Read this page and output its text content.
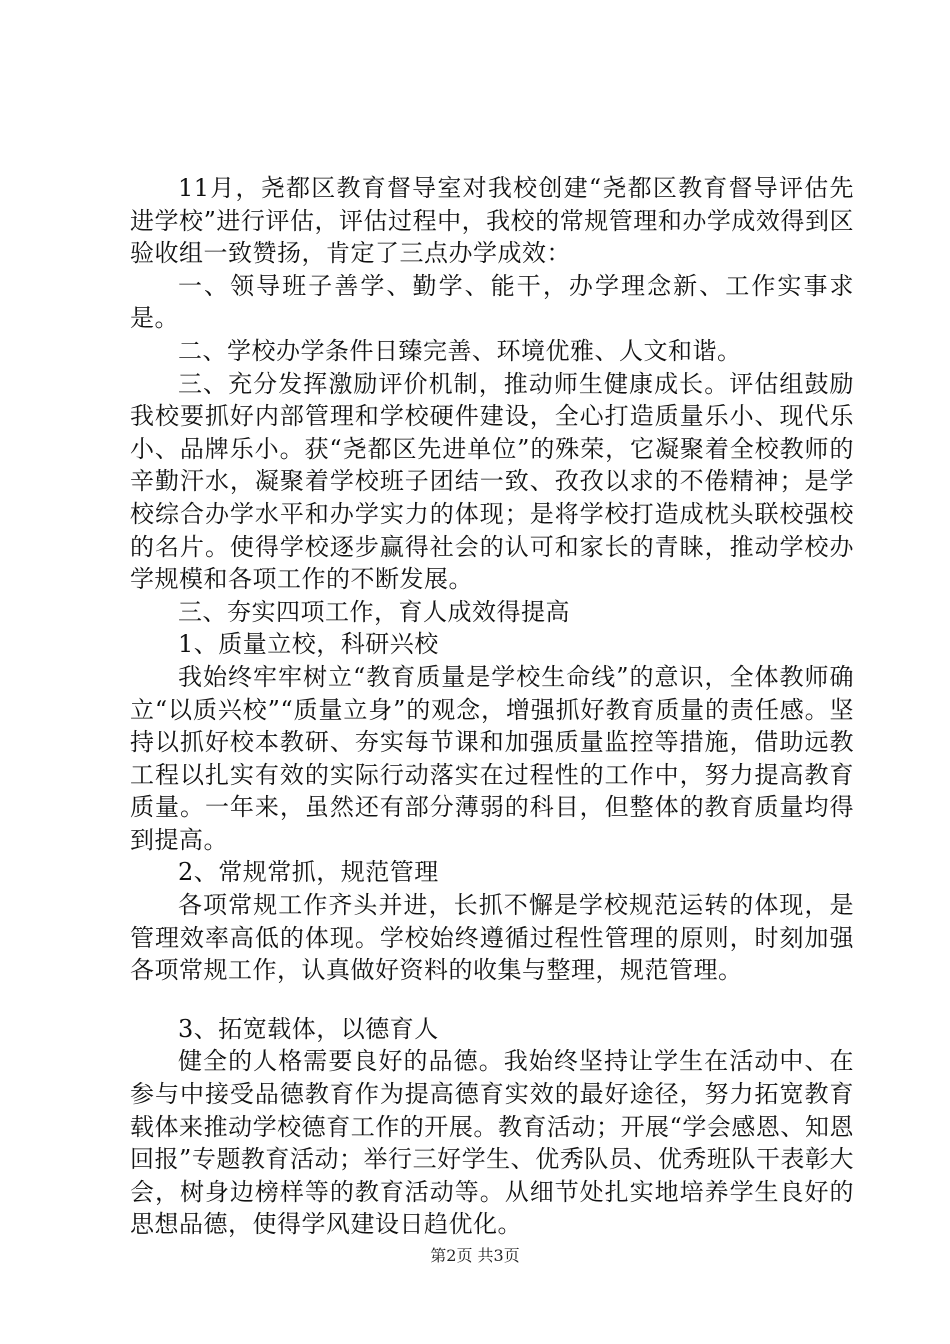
11月，尧都区教育督导室对我校创建“尧都区教育督导评估先进学校”进行评估，评估过程中，我校的常规管理和办学成效得到区验收组一致赞扬，肯定了三点办学成效：

一、领导班子善学、勤学、能干，办学理念新、工作实事求是。

二、学校办学条件日臻完善、环境优雅、人文和谐。

三、充分发挥激励评价机制，推动师生健康成长。评估组鼓励我校要抓好内部管理和学校硬件建设，全心打造质量乐小、现代乐小、品牌乐小。获“尧都区先进单位”的殊荣，它凝聚着全校教师的辛勤汗水，凝聚着学校班子团结一致、孜孜以求的不倦精神；是学校综合办学水平和办学实力的体现；是将学校打造成枕头联校强校的名片。使得学校逐步赢得社会的认可和家长的青睐，推动学校办学规模和各项工作的不断发展。

三、夯实四项工作，育人成效得提高

1、质量立校，科研兴校

我始终牢牢树立“教育质量是学校生命线”的意识，全体教师确立“以质兴校”“质量立身”的观念，增强抓好教育质量的责任感。坚持以抓好校本教研、夯实每节课和加强质量监控等措施，借助远教工程以扎实有效的实际行动落实在过程性的工作中，努力提高教育质量。一年来，虽然还有部分薄弱的科目，但整体的教育质量均得到提高。

2、常规常抓，规范管理

各项常规工作齐头并进，长抓不懈是学校规范运转的体现，是管理效率高低的体现。学校始终遵循过程性管理的原则，时刻加强各项常规工作，认真做好资料的收集与整理，规范管理。

3、拓宽载体，以德育人

健全的人格需要良好的品德。我始终坚持让学生在活动中、在参与中接受品德教育作为提高德育实效的最好途径，努力拓宽教育载体来推动学校德育工作的开展。教育活动；开展“学会感恩、知恩回报”专题教育活动；举行三好学生、优秀队员、优秀班队干表彰大会，树身边榜样等的教育活动等。从细节处扎实地培养学生良好的思想品德，使得学风建设日趋优化。

第2页 共3页
